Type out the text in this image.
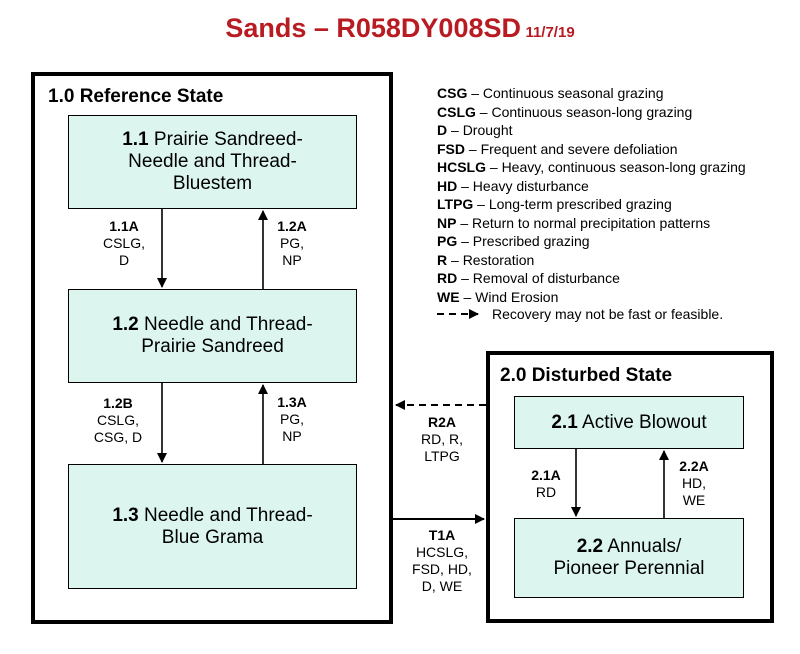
Sands – R058DY008SD 11/7/19
1.0 Reference State
2.0 Disturbed State
1.1 Prairie Sandreed-
Needle and Thread-
Bluestem
1.2 Needle and Thread-
Prairie Sandreed
1.3 Needle and Thread-
Blue Grama
2.1 Active Blowout
2.2 Annuals/
Pioneer Perennial
1.1A
CSLG,
D
1.2A
PG,
NP
1.2B
CSLG,
CSG, D
1.3A
PG,
NP
2.1A
RD
2.2A
HD,
WE
R2A
RD, R,
LTPG
T1A
HCSLG,
FSD, HD,
D, WE
CSG – Continuous seasonal grazing
CSLG – Continuous season-long grazing
D – Drought
FSD – Frequent and severe defoliation
HCSLG – Heavy, continuous season-long grazing
HD – Heavy disturbance
LTPG – Long-term prescribed grazing
NP – Return to normal precipitation patterns
PG – Prescribed grazing
R – Restoration
RD – Removal of disturbance
WE – Wind Erosion
Recovery may not be fast or feasible.
